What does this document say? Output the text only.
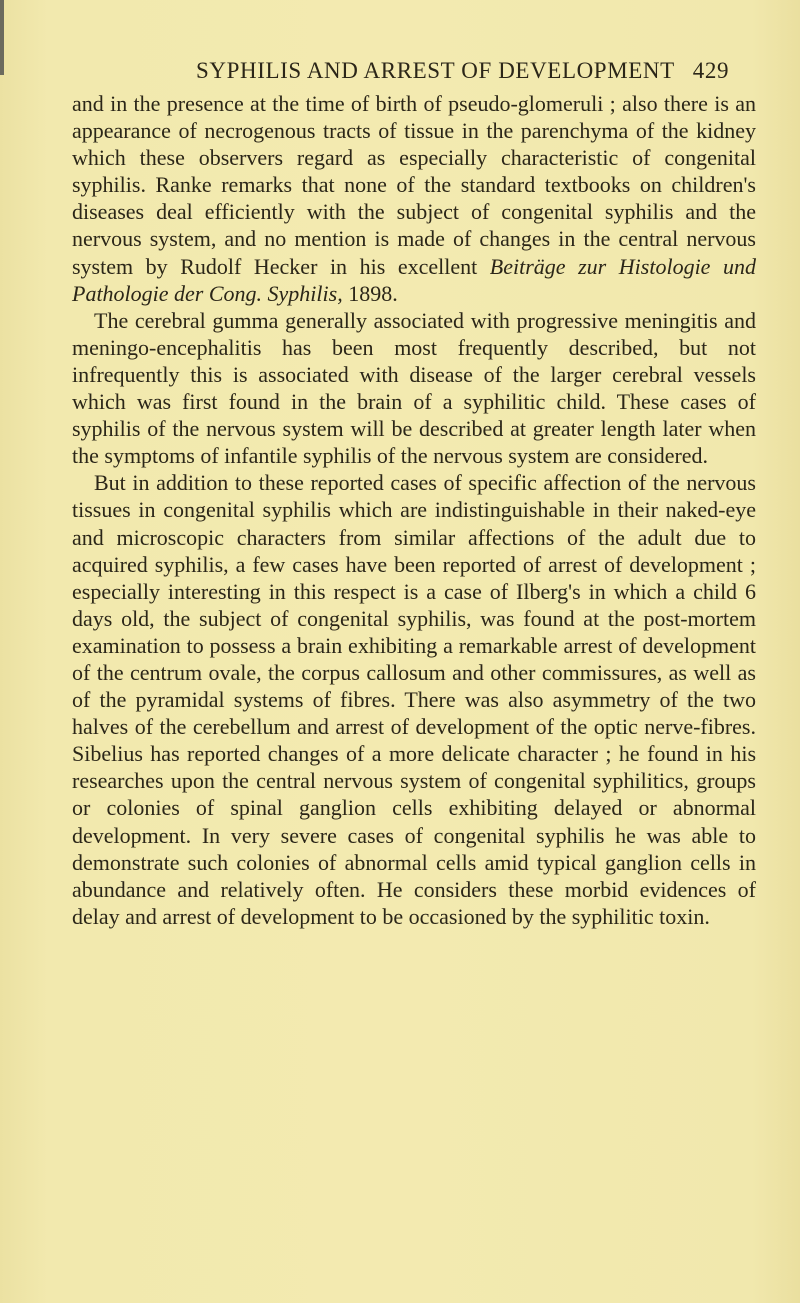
SYPHILIS AND ARREST OF DEVELOPMENT 429

and in the presence at the time of birth of pseudo-glomeruli ; also there is an appearance of necrogenous tracts of tissue in the parenchyma of the kidney which these observers regard as especially characteristic of congenital syphilis. Ranke remarks that none of the standard textbooks on children's diseases deal efficiently with the subject of congenital syphilis and the nervous system, and no mention is made of changes in the central nervous system by Rudolf Hecker in his excellent Beiträge zur Histologie und Pathologie der Cong. Syphilis, 1898.

The cerebral gumma generally associated with progressive meningitis and meningo-encephalitis has been most frequently described, but not infrequently this is associated with disease of the larger cerebral vessels which was first found in the brain of a syphilitic child. These cases of syphilis of the nervous system will be described at greater length later when the symptoms of infantile syphilis of the nervous system are considered.

But in addition to these reported cases of specific affection of the nervous tissues in congenital syphilis which are indistinguishable in their naked-eye and microscopic characters from similar affections of the adult due to acquired syphilis, a few cases have been reported of arrest of development ; especially interesting in this respect is a case of Ilberg's in which a child 6 days old, the subject of congenital syphilis, was found at the post-mortem examination to possess a brain exhibiting a remarkable arrest of development of the centrum ovale, the corpus callosum and other commissures, as well as of the pyramidal systems of fibres. There was also asymmetry of the two halves of the cerebellum and arrest of development of the optic nerve-fibres. Sibelius has reported changes of a more delicate character ; he found in his researches upon the central nervous system of congenital syphilitics, groups or colonies of spinal ganglion cells exhibiting delayed or abnormal development. In very severe cases of congenital syphilis he was able to demonstrate such colonies of abnormal cells amid typical ganglion cells in abundance and relatively often. He considers these morbid evidences of delay and arrest of development to be occasioned by the syphilitic toxin.
